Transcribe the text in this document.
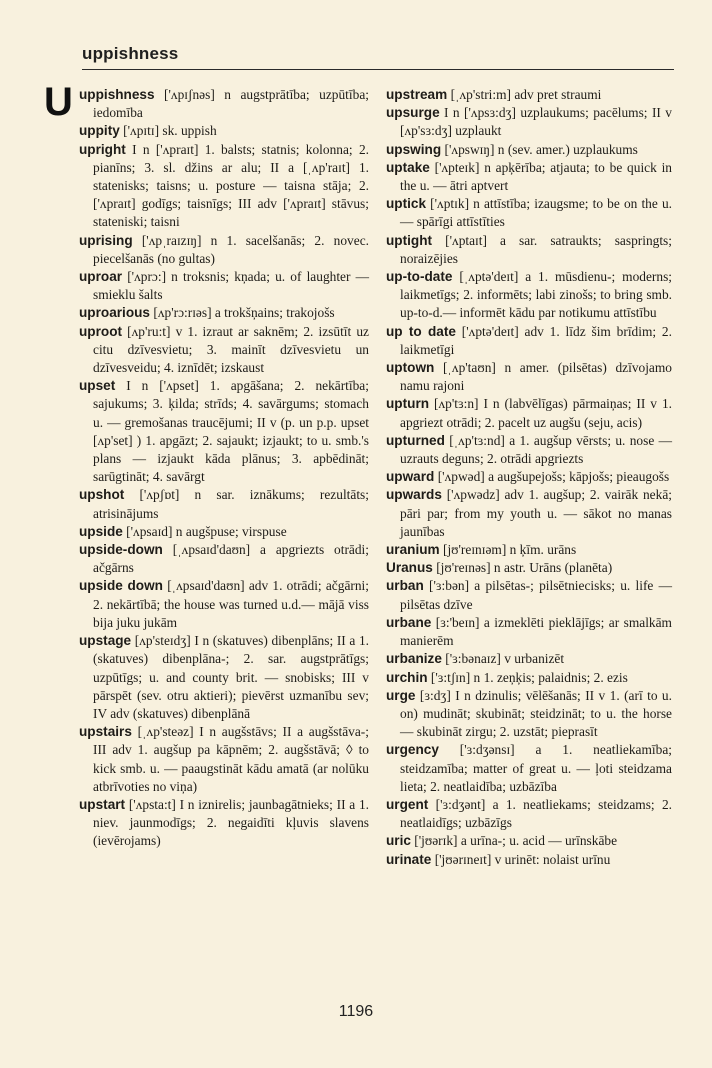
uppishness
U uppishness ['ʌpɪʃnəs] n augstprātība; uzpūtība; iedomība

uppity ['ʌpɪtɪ] sk. uppish

upright I n ['ʌpraɪt] 1. balsts; statnis; kolonna; 2. pianīns; 3. sl. džins ar alu; II a [ˌʌp'raɪt] 1. statenisks; taisns; u. posture — taisna stāja; 2. ['ʌpraɪt] godīgs; taisnīgs; III adv ['ʌpraɪt] stāvus; stateniski; taisni

uprising ['ʌpˌraɪzɪŋ] n 1. sacelšanās; 2. novec. piecelšanās (no gultas)

uproar ['ʌprɔ:] n troksnis; kņada; u. of laughter — smieklu šalts

uproarious [ʌp'rɔ:rɪəs] a trokšņains; trakojošs

uproot [ʌp'ru:t] v 1. izraut ar saknēm; 2. izsūtīt uz citu dzīvesvietu; 3. mainīt dzīvesvietu un dzīvesveidu; 4. iznīdēt; izskaust

upset I n ['ʌpset] 1. apgāšana; 2. nekārtība; sajukums; 3. ķilda; strīds; 4. savārgums; stomach u. — gremošanas traucējumi; II v (p. un p.p. upset [ʌp'set] ) 1. apgāzt; 2. sajaukt; izjaukt; to u. smb.'s plans — izjaukt kāda plānus; 3. apbēdināt; sarūgtināt; 4. savārgt

upshot ['ʌpʃɒt] n sar. iznākums; rezultāts; atrisinājums

upside ['ʌpsaɪd] n augšpuse; virspuse

upside-down [ˌʌpsaɪd'daʊn] a apgriezts otrādi; ačgārns

upside down [ˌʌpsaɪd'daʊn] adv 1. otrādi; ačgārni; 2. nekārtībā; the house was turned u.d.— mājā viss bija juku jukām

upstage [ʌp'steɪdʒ] I n (skatuves) dibenplāns; II a 1. (skatuves) dibenplāna-; 2. sar. augstprātīgs; uzpūtīgs; u. and county brit. — snobisks; III v pārspēt (sev. otru aktieri); pievērst uzmanību sev; IV adv (skatuves) dibenplānā

upstairs [ˌʌp'steəz] I n augšstāvs; II a augšstāva-; III adv 1. augšup pa kāpnēm; 2. augšstāvā; ◊ to kick smb. u. — paaugstināt kādu amatā (ar nolūku atbrīvoties no viņa)

upstart ['ʌpsta:t] I n iznirelis; jaunbagātnieks; II a 1. niev. jaunmodīgs; 2. negaidīti kļuvis slavens (ievērojams)

upstream [ˌʌp'stri:m] adv pret straumi

upsurge I n ['ʌpsɜ:dʒ] uzplaukums; pacēlums; II v [ʌp'sɜ:dʒ] uzplaukt

upswing ['ʌpswɪŋ] n (sev. amer.) uzplaukums

uptake ['ʌpteɪk] n apķērība; atjauta; to be quick in the u. — ātri aptvert

uptick ['ʌptɪk] n attīstība; izaugsme; to be on the u. — spārīgi attīstīties

uptight ['ʌptaɪt] a sar. satraukts; saspringts; noraizējies

up-to-date [ˌʌptə'deɪt] a 1. mūsdienu-; moderns; laikmetīgs; 2. informēts; labi zinošs; to bring smb. up-to-d.— informēt kādu par notikumu attīstību

up to date ['ʌptə'deɪt] adv 1. līdz šim brīdim; 2. laikmetīgi

uptown [ˌʌp'taʊn] n amer. (pilsētas) dzīvojamo namu rajoni

upturn [ʌp'tɜ:n] I n (labvēlīgas) pārmaiņas; II v 1. apgriezt otrādi; 2. pacelt uz augšu (seju, acis)

upturned [ˌʌp'tɜ:nd] a 1. augšup vērsts; u. nose — uzrauts deguns; 2. otrādi apgriezts

upward ['ʌpwəd] a augšupejošs; kāpjošs; pieaugošs

upwards ['ʌpwədz] adv 1. augšup; 2. vairāk nekā; pāri par; from my youth u. — sākot no manas jaunības

uranium [jʊ'reɪnɪəm] n ķīm. urāns

Uranus [jʊ'reɪnəs] n astr. Urāns (planēta)

urban ['ɜ:bən] a pilsētas-; pilsētniecisks; u. life — pilsētas dzīve

urbane [ɜ:'beɪn] a izmeklēti pieklājīgs; ar smalkām manierēm

urbanize ['ɜ:bənaɪz] v urbanizēt

urchin ['ɜ:tʃɪn] n 1. zeņķis; palaidnis; 2. ezis

urge [ɜ:dʒ] I n dzinulis; vēlēšanās; II v 1. (arī to u. on) mudināt; skubināt; steidzināt; to u. the horse — skubināt zirgu; 2. uzstāt; pieprasīt

urgency ['ɜ:dʒənsɪ] a 1. neatliekamība; steidzamība; matter of great u. — ļoti steidzama lieta; 2. neatlaidība; uzbāzība

urgent ['ɜ:dʒənt] a 1. neatliekams; steidzams; 2. neatlaidīgs; uzbāzīgs

uric ['jʊərɪk] a urīna-; u. acid — urīnskābe

urinate ['jʊərɪneɪt] v urinēt: nolaist urīnu

1196
